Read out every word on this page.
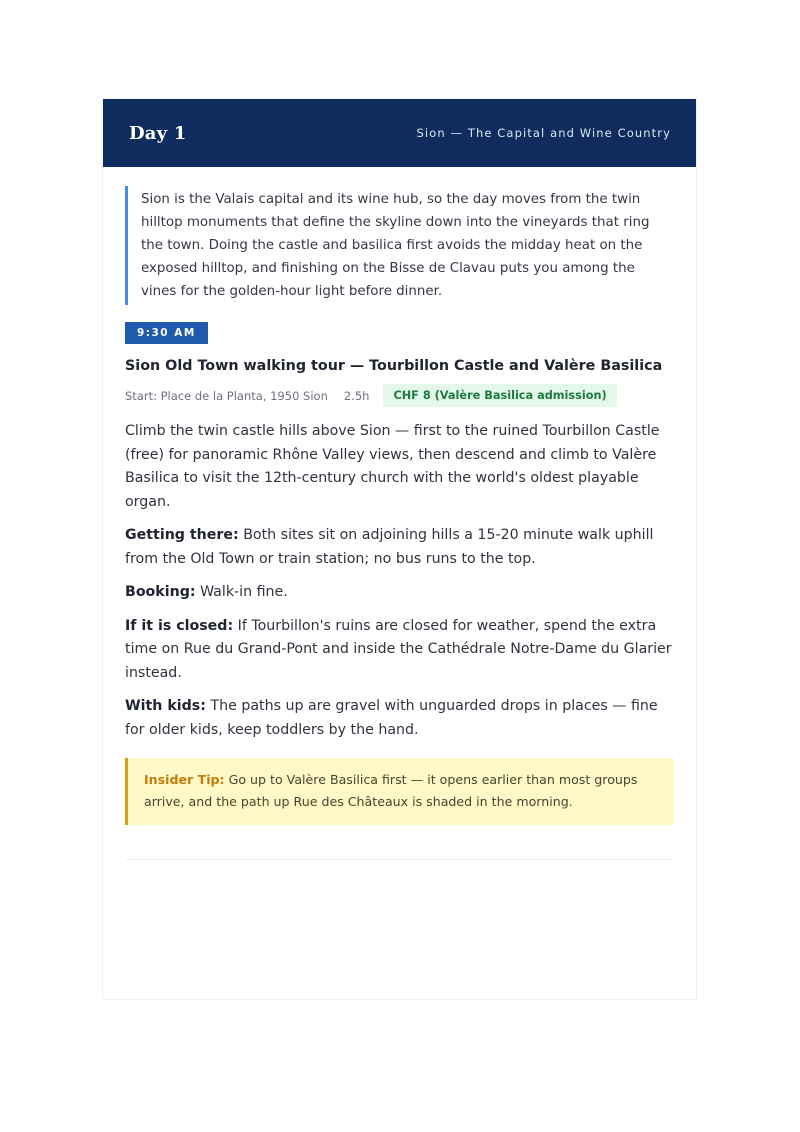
Day 1	Sion — The Capital and Wine Country
Sion is the Valais capital and its wine hub, so the day moves from the twin hilltop monuments that define the skyline down into the vineyards that ring the town. Doing the castle and basilica first avoids the midday heat on the exposed hilltop, and finishing on the Bisse de Clavau puts you among the vines for the golden-hour light before dinner.
9:30 AM
Sion Old Town walking tour — Tourbillon Castle and Valère Basilica
Start: Place de la Planta, 1950 Sion 2.5h	CHF 8 (Valère Basilica admission)
Climb the twin castle hills above Sion — first to the ruined Tourbillon Castle (free) for panoramic Rhône Valley views, then descend and climb to Valère Basilica to visit the 12th-century church with the world's oldest playable organ.
Getting there: Both sites sit on adjoining hills a 15-20 minute walk uphill from the Old Town or train station; no bus runs to the top.
Booking: Walk-in fine.
If it is closed: If Tourbillon's ruins are closed for weather, spend the extra time on Rue du Grand-Pont and inside the Cathédrale Notre-Dame du Glarier instead.
With kids: The paths up are gravel with unguarded drops in places — fine for older kids, keep toddlers by the hand.
Insider Tip: Go up to Valère Basilica first — it opens earlier than most groups arrive, and the path up Rue des Châteaux is shaded in the morning.
